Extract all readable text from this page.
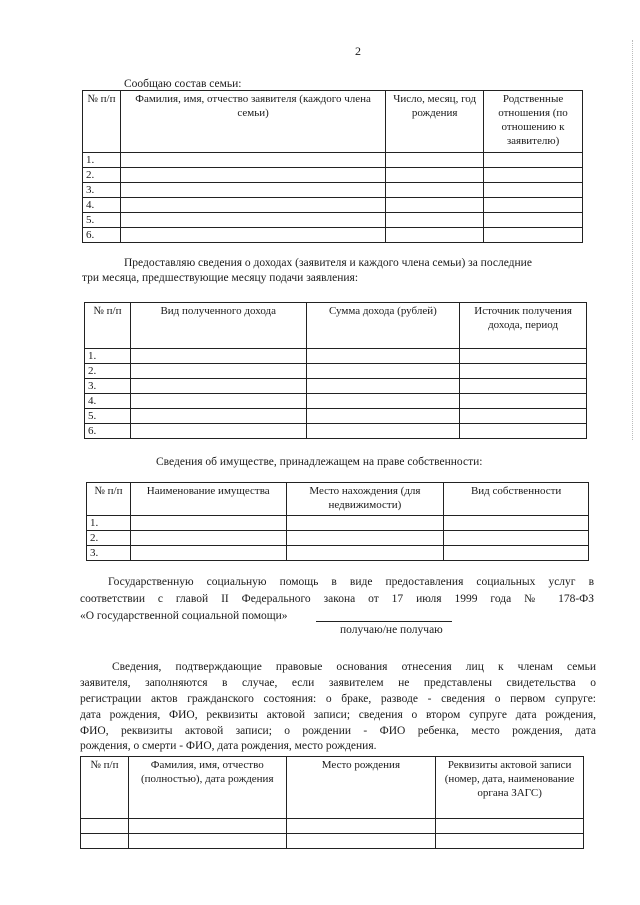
2
Сообщаю состав семьи:
№ п/п	Фамилия, имя, отчество заявителя (каждого члена семьи)	Число, месяц, год рождения	Родственные отношения (по отношению к заявителю)
1.			
2.			
3.			
4.			
5.			
6.			
Предоставляю сведения о доходах (заявителя и каждого члена семьи) за последние
три месяца, предшествующие месяцу подачи заявления:
№ п/п	Вид полученного дохода	Сумма дохода (рублей)	Источник получения дохода, период
1.			
2.			
3.			
4.			
5.			
6.			
Сведения об имуществе, принадлежащем на праве собственности:
№ п/п	Наименование имущества	Место нахождения (для недвижимости)	Вид собственности
1.			
2.			
3.			
Государственную социальную помощь в виде предоставления социальных услуг в
соответствии с главой II Федерального закона от 17 июля 1999 года № 178-ФЗ
«О государственной социальной помощи»
получаю/не получаю
Сведения, подтверждающие правовые основания отнесения лиц к членам семьи
заявителя, заполняются в случае, если заявителем не представлены свидетельства о
регистрации актов гражданского состояния: о браке, разводе - сведения о первом супруге:
дата рождения, ФИО, реквизиты актовой записи; сведения о втором супруге дата рождения,
ФИО, реквизиты актовой записи; о рождении - ФИО ребенка, место рождения, дата
рождения, о смерти - ФИО, дата рождения, место рождения.
№ п/п	Фамилия, имя, отчество (полностью), дата рождения	Место рождения	Реквизиты актовой записи (номер, дата, наименование органа ЗАГС)
